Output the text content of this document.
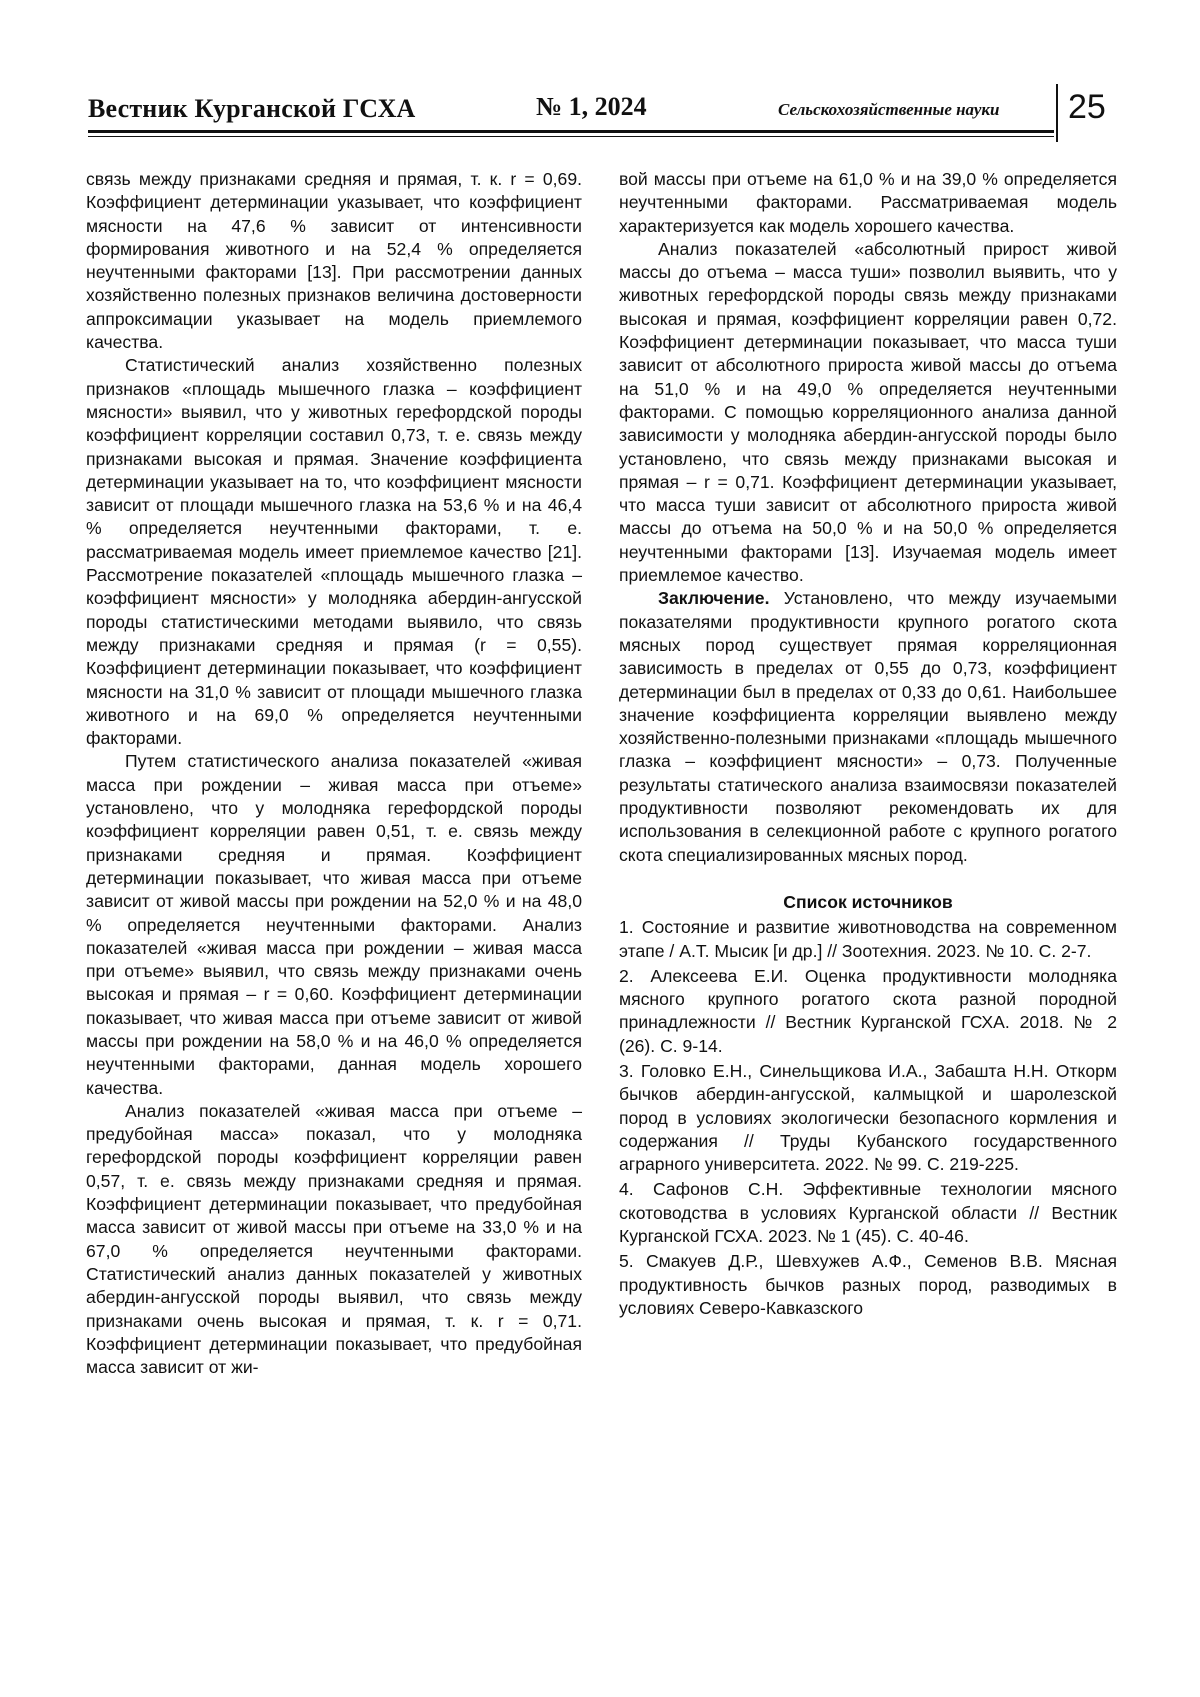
Вестник Курганской ГСХА	№ 1, 2024	Сельскохозяйственные науки 25

связь между признаками средняя и прямая, т. к. r = 0,69. Коэффициент детерминации указывает, что коэффициент мясности на 47,6 % зависит от интенсивности формирования животного и на 52,4 % определяется неучтенными факторами [13]. При рассмотрении данных хозяйственно полезных признаков величина достоверности аппроксимации указывает на модель приемлемого качества.

Статистический анализ хозяйственно полезных признаков «площадь мышечного глазка – коэффициент мясности» выявил, что у животных герефордской породы коэффициент корреляции составил 0,73, т. е. связь между признаками высокая и прямая. Значение коэффициента детерминации указывает на то, что коэффициент мясности зависит от площади мышечного глазка на 53,6 % и на 46,4 % определяется неучтенными факторами, т. е. рассматриваемая модель имеет приемлемое качество [21]. Рассмотрение показателей «площадь мышечного глазка – коэффициент мясности» у молодняка абердин-ангусской породы статистическими методами выявило, что связь между признаками средняя и прямая (r = 0,55). Коэффициент детерминации показывает, что коэффициент мясности на 31,0 % зависит от площади мышечного глазка животного и на 69,0 % определяется неучтенными факторами.

Путем статистического анализа показателей «живая масса при рождении – живая масса при отъеме» установлено, что у молодняка герефордской породы коэффициент корреляции равен 0,51, т. е. связь между признаками средняя и прямая. Коэффициент детерминации показывает, что живая масса при отъеме зависит от живой массы при рождении на 52,0 % и на 48,0 % определяется неучтенными факторами. Анализ показателей «живая масса при рождении – живая масса при отъеме» выявил, что связь между признаками очень высокая и прямая – r = 0,60. Коэффициент детерминации показывает, что живая масса при отъеме зависит от живой массы при рождении на 58,0 % и на 46,0 % определяется неучтенными факторами, данная модель хорошего качества.

Анализ показателей «живая масса при отъеме – предубойная масса» показал, что у молодняка герефордской породы коэффициент корреляции равен 0,57, т. е. связь между признаками средняя и прямая. Коэффициент детерминации показывает, что предубойная масса зависит от живой массы при отъеме на 33,0 % и на 67,0 % определяется неучтенными факторами. Статистический анализ данных показателей у животных абердин-ангусской породы выявил, что связь между признаками очень высокая и прямая, т. к. r = 0,71. Коэффициент детерминации показывает, что предубойная масса зависит от жи-

вой массы при отъеме на 61,0 % и на 39,0 % определяется неучтенными факторами. Рассматриваемая модель характеризуется как модель хорошего качества.

Анализ показателей «абсолютный прирост живой массы до отъема – масса туши» позволил выявить, что у животных герефордской породы связь между признаками высокая и прямая, коэффициент корреляции равен 0,72. Коэффициент детерминации показывает, что масса туши зависит от абсолютного прироста живой массы до отъема на 51,0 % и на 49,0 % определяется неучтенными факторами. С помощью корреляционного анализа данной зависимости у молодняка абердин-ангусской породы было установлено, что связь между признаками высокая и прямая – r = 0,71. Коэффициент детерминации указывает, что масса туши зависит от абсолютного прироста живой массы до отъема на 50,0 % и на 50,0 % определяется неучтенными факторами [13]. Изучаемая модель имеет приемлемое качество.

Заключение. Установлено, что между изучаемыми показателями продуктивности крупного рогатого скота мясных пород существует прямая корреляционная зависимость в пределах от 0,55 до 0,73, коэффициент детерминации был в пределах от 0,33 до 0,61. Наибольшее значение коэффициента корреляции выявлено между хозяйственно-полезными признаками «площадь мышечного глазка – коэффициент мясности» – 0,73. Полученные результаты статического анализа взаимосвязи показателей продуктивности позволяют рекомендовать их для использования в селекционной работе с крупного рогатого скота специализированных мясных пород.

Список источников

1. Состояние и развитие животноводства на современном этапе / А.Т. Мысик [и др.] // Зоотехния. 2023. № 10. С. 2-7.

2. Алексеева Е.И. Оценка продуктивности молодняка мясного крупного рогатого скота разной породной принадлежности // Вестник Курганской ГСХА. 2018. № 2 (26). С. 9-14.

3. Головко Е.Н., Синельщикова И.А., Забашта Н.Н. Откорм бычков абердин-ангусской, калмыцкой и шаролезской пород в условиях экологически безопасного кормления и содержания // Труды Кубанского государственного аграрного университета. 2022. № 99. С. 219-225.

4. Сафонов С.Н. Эффективные технологии мясного скотоводства в условиях Курганской области // Вестник Курганской ГСХА. 2023. № 1 (45). С. 40-46.

5. Смакуев Д.Р., Шевхужев А.Ф., Семенов В.В. Мясная продуктивность бычков разных пород, разводимых в условиях Северо-Кавказского
